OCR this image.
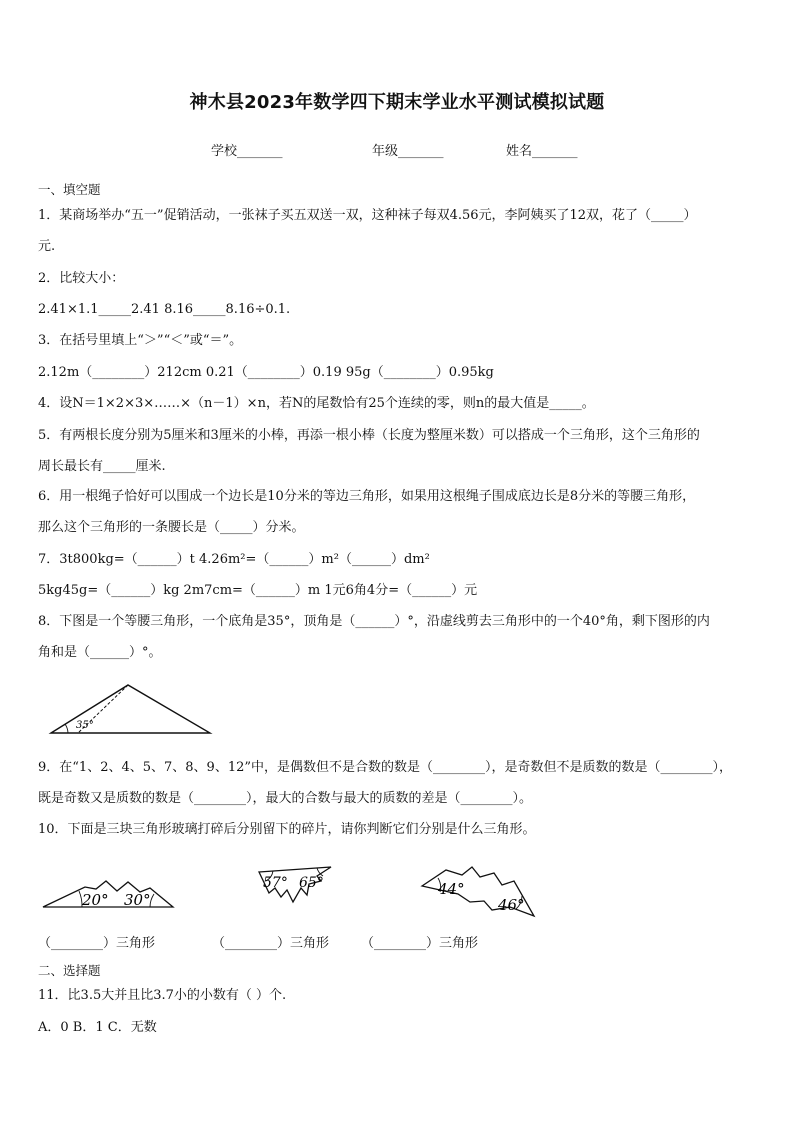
神木县2023年数学四下期末学业水平测试模拟试题
学校_______	年级_______	姓名_______
一、填空题
1．某商场举办“五一”促销活动，一张袜子买五双送一双，这种袜子每双4.56元，李阿姨买了12双，花了（_____）
元.
2．比较大小：
2.41×1.1_____2.41 8.16_____8.16÷0.1.
3．在括号里填上“＞”“＜”或“＝”。
2.12m（________）212cm 0.21（________）0.19 95g（________）0.95kg
4．设N＝1×2×3×……×（n－1）×n，若N的尾数恰有25个连续的零，则n的最大值是_____。
5．有两根长度分别为5厘米和3厘米的小棒，再添一根小棒（长度为整厘米数）可以搭成一个三角形，这个三角形的
周长最长有_____厘米.
6．用一根绳子恰好可以围成一个边长是10分米的等边三角形，如果用这根绳子围成底边长是8分米的等腰三角形，
那么这个三角形的一条腰长是（_____）分米。
7．3t800kg=（______）t 4.26m²=（______）m²（______）dm²
5kg45g=（______）kg 2m7cm=（______）m 1元6角4分=（______）元
8．下图是一个等腰三角形，一个底角是35°，顶角是（______）°，沿虚线剪去三角形中的一个40°角，剩下图形的内
角和是（______）°。
35°
9．在“1、2、4、5、7、8、9、12”中，是偶数但不是合数的数是（________），是奇数但不是质数的数是（________），
既是奇数又是质数的数是（________），最大的合数与最大的质数的差是（________）。
10．下面是三块三角形玻璃打碎后分别留下的碎片，请你判断它们分别是什么三角形。
20° 30°
57° 65°	44°
46°
（________）三角形	（________）三角形 （________）三角形
二、选择题
11．比3.5大并且比3.7小的小数有（ ）个.
A．0 B．1 C．无数
